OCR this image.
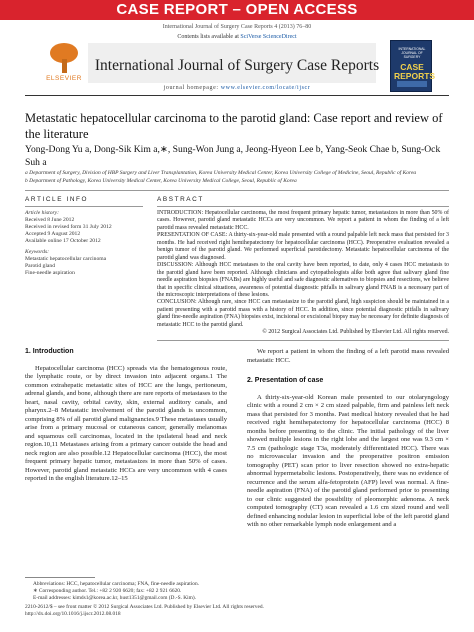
CASE REPORT – OPEN ACCESS
International Journal of Surgery Case Reports 4 (2013) 76–80
Contents lists available at SciVerse ScienceDirect
ELSEVIER
International Journal of Surgery Case Reports
journal homepage: www.elsevier.com/locate/ijscr
INTERNATIONAL JOURNAL OF
SURGERY
CASE REPORTS
Metastatic hepatocellular carcinoma to the parotid gland: Case report and review of the literature
Yong-Dong Yu a, Dong-Sik Kim a,∗, Sung-Won Jung a, Jeong-Hyeon Lee b, Yang-Seok Chae b, Sung-Ock Suh a
a Department of Surgery, Division of HBP Surgery and Liver Transplantation, Korea University Medical Center, Korea University College of Medicine, Seoul, Republic of Korea
b Department of Pathology, Korea University Medical Center, Korea University Medical College, Seoul, Republic of Korea
ARTICLE INFO
Article history:
Received 8 June 2012
Received in revised form 31 July 2012
Accepted 9 August 2012
Available online 17 October 2012
Keywords:
Metastatic hepatocellular carcinoma
Parotid gland
Fine-needle aspiration
ABSTRACT

INTRODUCTION: Hepatocellular carcinoma, the most frequent primary hepatic tumor, metastasizes in more than 50% of cases. However, parotid gland metastatic HCCs are very uncommon. We report a patient in whom the finding of a left parotid mass revealed metastatic HCC.

PRESENTATION OF CASE: A thirty-six-year-old male presented with a round palpable left neck mass that persisted for 3 months. He had received right hemihepatectomy for hepatocellular carcinoma (HCC). Preoperative evaluation revealed a benign tumor of the parotid gland. We performed superficial parotidectomy. Metastatic hepatocellular carcinoma of the parotid gland was diagnosed.

DISCUSSION: Although HCC metastases to the oral cavity have been reported, to date, only 4 cases HCC metastasis to the parotid gland have been reported. Although clinicians and cytopathologists alike both agree that salivary gland fine needle aspiration biopsies (FNABs) are highly useful and safe diagnostic alternatives to biopsies and resections, we believe that in specific clinical situations, awareness of potential diagnostic pitfalls in salivary gland FNAB is a necessary part of the microscopic interpretations of these lesions.

CONCLUSION: Although rare, since HCC can metastasize to the parotid gland, high suspicion should be maintained in a patient presenting with a parotid mass with a history of HCC. In addition, since potential diagnostic pitfalls in salivary gland fine-needle aspiration (FNA) biopsies exist, incisional or excisional biopsy may be necessary for definite diagnosis of metastatic HCC to the parotid gland.

© 2012 Surgical Associates Ltd. Published by Elsevier Ltd. All rights reserved.
1. Introduction

Hepatocellular carcinoma (HCC) spreads via the hematogenous route, the lymphatic route, or by direct invasion into adjacent organs.1 The common extrahepatic metastatic sites of HCC are the lungs, peritoneum, adrenal glands, and bone, although there are rare reports of metastases to the heart, nasal cavity, orbital cavity, skin, external auditory canals, and pharynx.2–8 Metastatic involvement of the parotid glands is uncommon, comprising 8% of all parotid gland malignancies.9 These metastases usually arise from a primary mucosal or cutaneous cancer, generally melanomas and squamous cell carcinomas, located in the ipsilateral head and neck region.10,11 Metastases arising from a primary cancer outside the head and neck region are also possible.12 Hepatocellular carcinoma (HCC), the most frequent primary hepatic tumor, metastasizes in more than 50% of cases. However, parotid gland metastatic HCCs are very uncommon with 4 cases reported in the english literature.12–15

We report a patient in whom the finding of a left parotid mass revealed metastatic HCC.

2. Presentation of case

A thirty-six-year-old Korean male presented to our otolaryngology clinic with a round 2 cm × 2 cm sized palpable, firm and painless left neck mass that persisted for 3 months. Past medical history revealed that he had received right hemihepatectomy for hepatocellular carcinoma (HCC) 8 months before presenting to the clinic. The initial pathology of the liver showed multiple lesions in the right lobe and the largest one was 9.3 cm × 7.5 cm (pathologic stage T3a, moderately differentiated HCC). There was no microvascular invasion and the preoperative positron emission tomography (PET) scan prior to liver resection showed no extra-hepatic abnormal hypermetabolic lesions. Postoperatively, there was no evidence of recurrence and the serum alfa-fetoprotein (AFP) level was normal. A fine-needle aspiration (FNA) of the parotid gland performed prior to presenting to our clinic suggested the possibility of pleomorphic adenoma. A neck computed tomography (CT) scan revealed a 1.6 cm sized round and well defined enhancing nodular lesion in superficial lobe of the left parotid gland with no other remarkable lymph node enlargement and a

Abbreviations: HCC, hepatocellular carcinoma; FNA, fine-needle aspiration.
∗ Corresponding author. Tel.: +82 2 920 6620; fax: +82 2 921 6620.
E-mail addresses: kimds1@korea.ac.kr, hust1351@gmail.com (D.-S. Kim).
2210-2612/$ – see front matter © 2012 Surgical Associates Ltd. Published by Elsevier Ltd. All rights reserved.
http://dx.doi.org/10.1016/j.ijscr.2012.08.018
